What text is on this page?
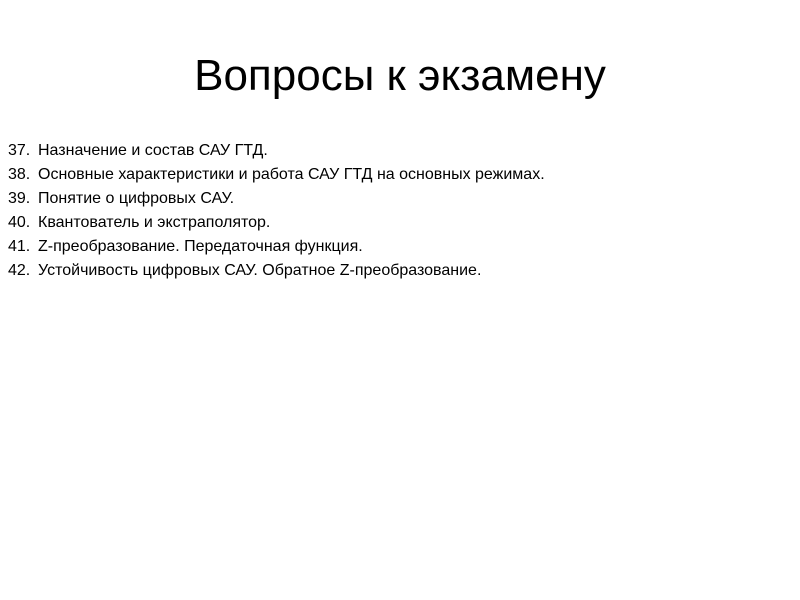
Вопросы к экзамену
37. Назначение и состав САУ ГТД.
38. Основные характеристики и работа САУ ГТД на основных режимах.
39. Понятие о цифровых САУ.
40. Квантователь и экстраполятор.
41. Z-преобразование. Передаточная функция.
42. Устойчивость цифровых САУ. Обратное Z-преобразование.
